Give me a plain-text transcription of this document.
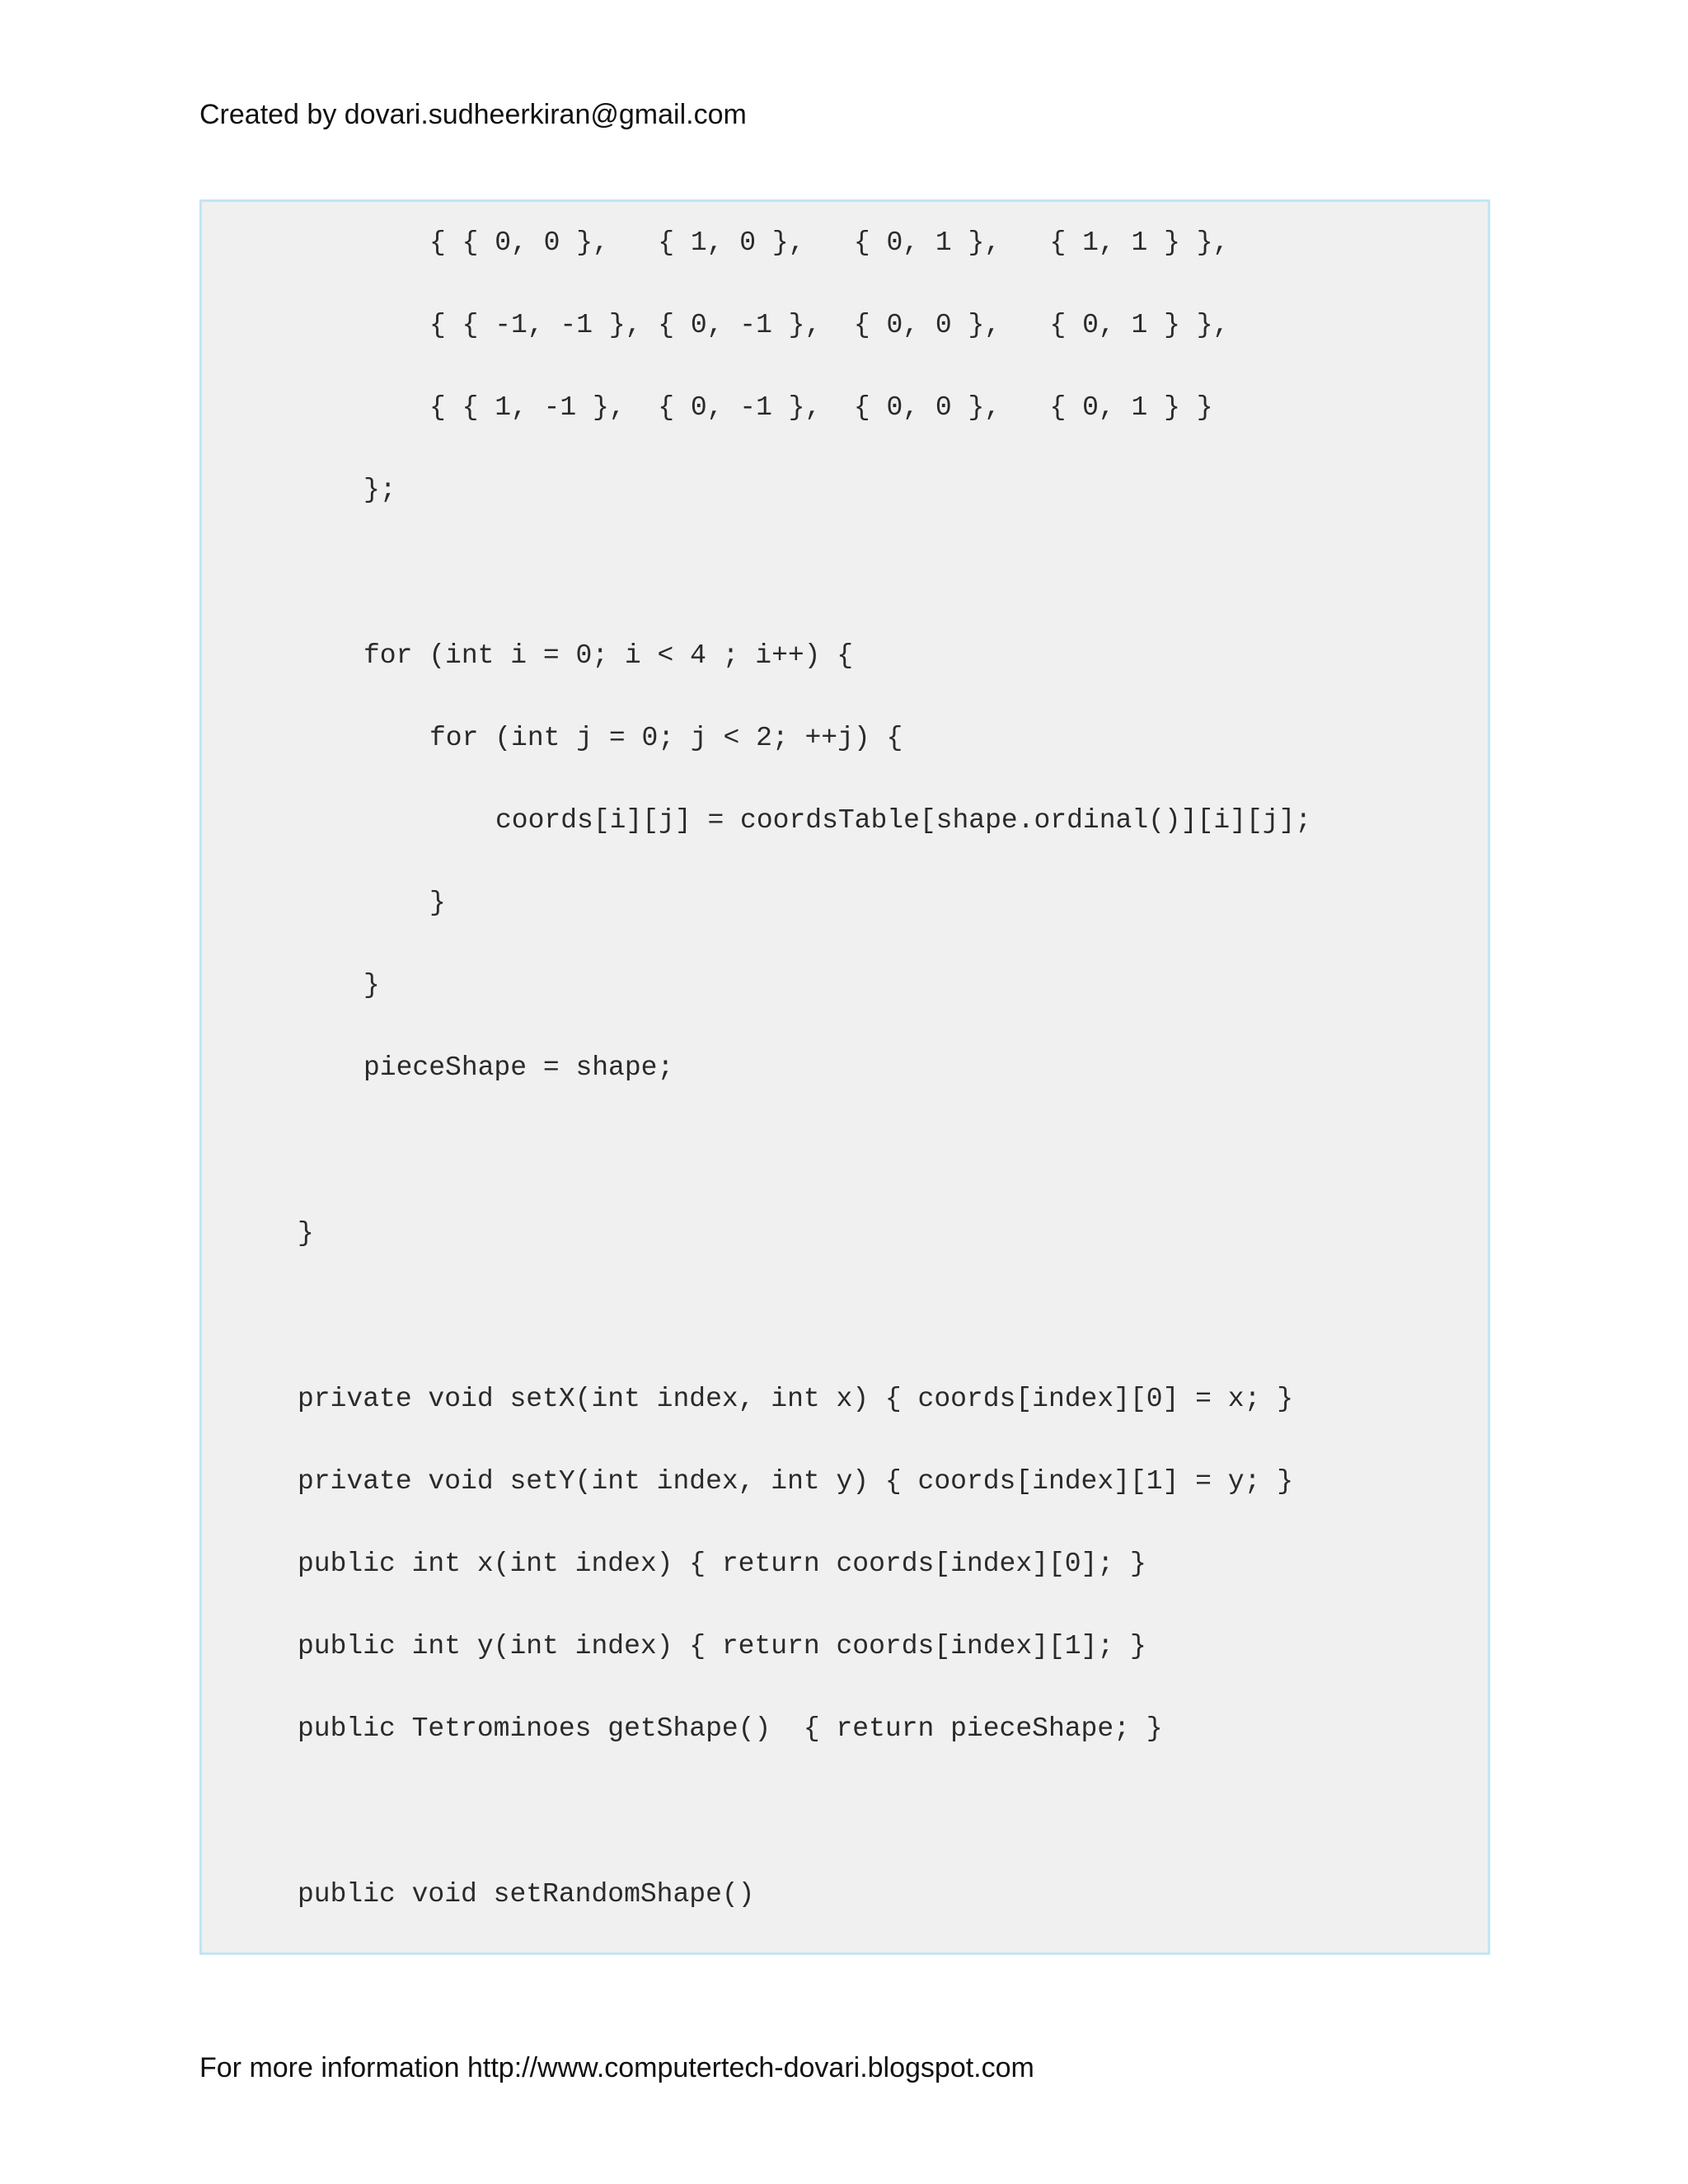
Created by dovari.sudheerkiran@gmail.com
{ { 0, 0 },   { 1, 0 },   { 0, 1 },   { 1, 1 } },
{ { -1, -1 }, { 0, -1 },  { 0, 0 },   { 0, 1 } },
{ { 1, -1 },  { 0, -1 },  { 0, 0 },   { 0, 1 } }
};
for (int i = 0; i < 4 ; i++) {
for (int j = 0; j < 2; ++j) {
coords[i][j] = coordsTable[shape.ordinal()][i][j];
}
}
pieceShape = shape;
}
private void setX(int index, int x) { coords[index][0] = x; }
private void setY(int index, int y) { coords[index][1] = y; }
public int x(int index) { return coords[index][0]; }
public int y(int index) { return coords[index][1]; }
public Tetrominoes getShape()  { return pieceShape; }
public void setRandomShape()
For more information http://www.computertech-dovari.blogspot.com
